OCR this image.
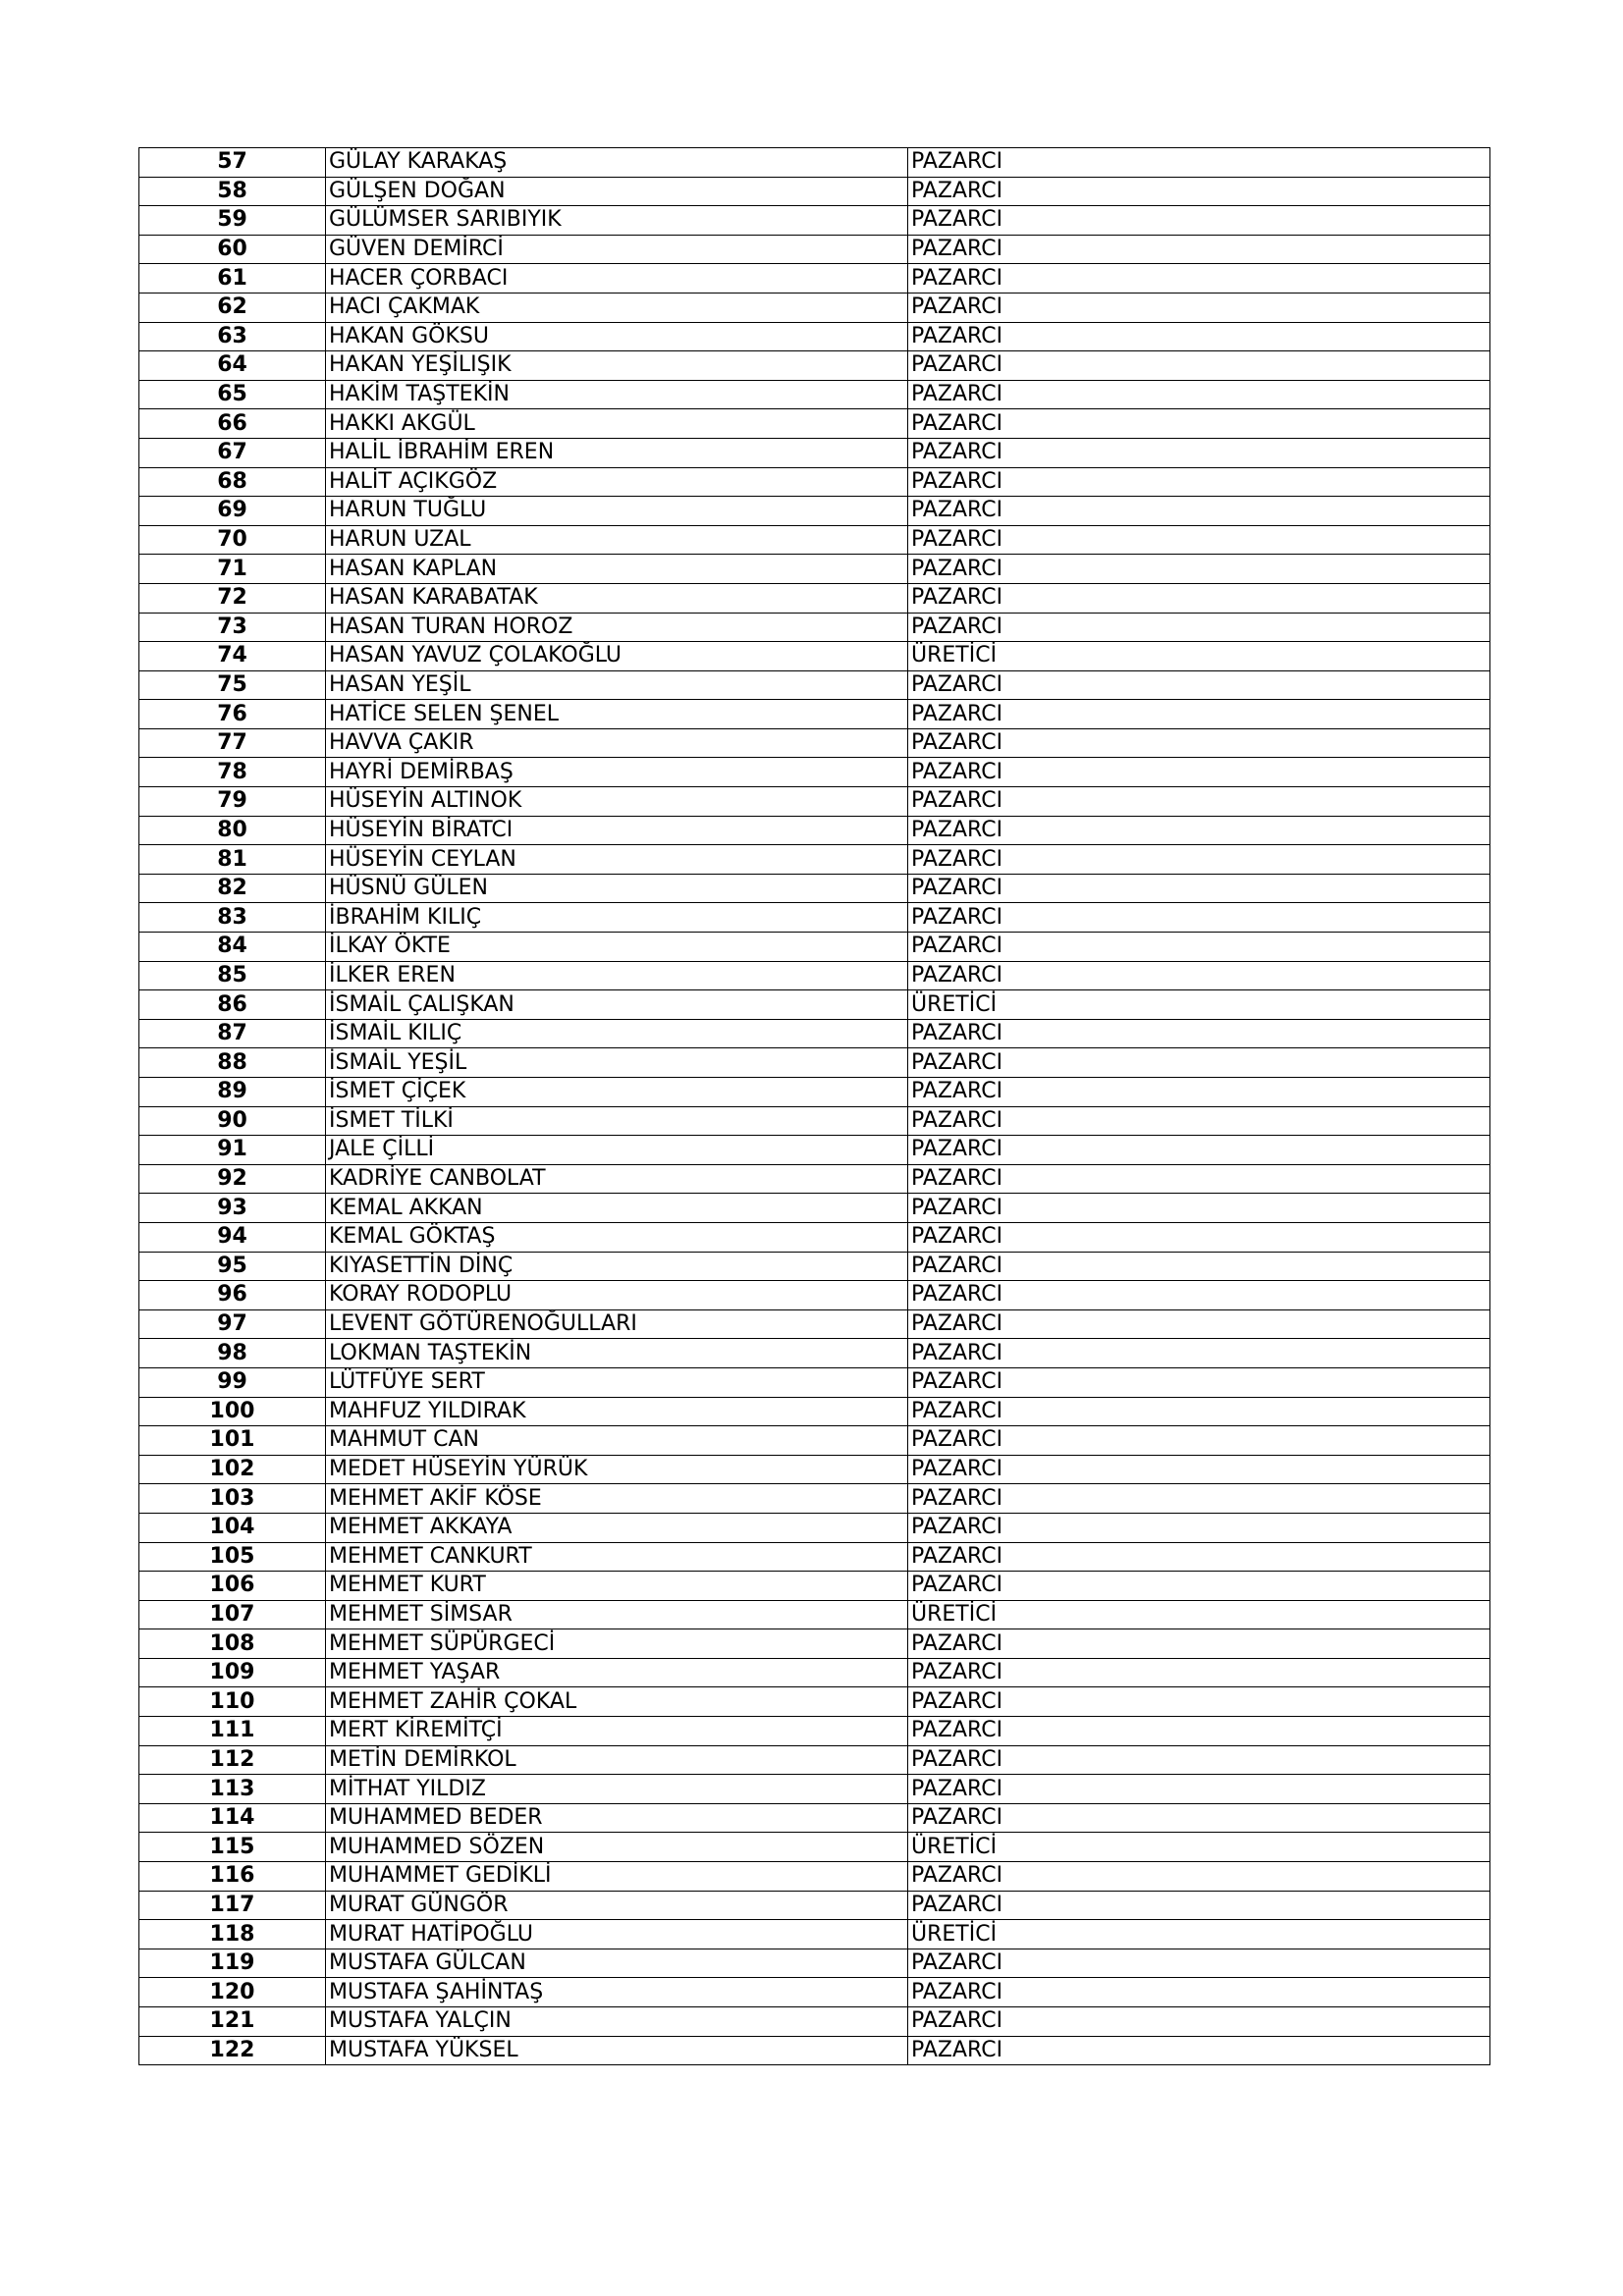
57	GÜLAY KARAKAŞ	PAZARCI
58	GÜLŞEN DOĞAN	PAZARCI
59	GÜLÜMSER SARIBIYIK	PAZARCI
60	GÜVEN DEMİRCİ	PAZARCI
61	HACER ÇORBACI	PAZARCI
62	HACI ÇAKMAK	PAZARCI
63	HAKAN GÖKSU	PAZARCI
64	HAKAN YEŞİLIŞIK	PAZARCI
65	HAKİM TAŞTEKİN	PAZARCI
66	HAKKI AKGÜL	PAZARCI
67	HALİL İBRAHİM EREN	PAZARCI
68	HALİT AÇIKGÖZ	PAZARCI
69	HARUN TUĞLU	PAZARCI
70	HARUN UZAL	PAZARCI
71	HASAN KAPLAN	PAZARCI
72	HASAN KARABATAK	PAZARCI
73	HASAN TURAN HOROZ	PAZARCI
74	HASAN YAVUZ ÇOLAKOĞLU	ÜRETİCİ
75	HASAN YEŞİL	PAZARCI
76	HATİCE SELEN ŞENEL	PAZARCI
77	HAVVA ÇAKIR	PAZARCI
78	HAYRİ DEMİRBAŞ	PAZARCI
79	HÜSEYİN ALTINOK	PAZARCI
80	HÜSEYİN BİRATCI	PAZARCI
81	HÜSEYİN CEYLAN	PAZARCI
82	HÜSNÜ GÜLEN	PAZARCI
83	İBRAHİM KILIÇ	PAZARCI
84	İLKAY ÖKTE	PAZARCI
85	İLKER EREN	PAZARCI
86	İSMAİL ÇALIŞKAN	ÜRETİCİ
87	İSMAİL KILIÇ	PAZARCI
88	İSMAİL YEŞİL	PAZARCI
89	İSMET ÇİÇEK	PAZARCI
90	İSMET TİLKİ	PAZARCI
91	JALE ÇİLLİ	PAZARCI
92	KADRİYE CANBOLAT	PAZARCI
93	KEMAL AKKAN	PAZARCI
94	KEMAL GÖKTAŞ	PAZARCI
95	KIYASETTİN DİNÇ	PAZARCI
96	KORAY RODOPLU	PAZARCI
97	LEVENT GÖTÜRENOĞULLARI	PAZARCI
98	LOKMAN TAŞTEKİN	PAZARCI
99	LÜTFÜYE SERT	PAZARCI
100	MAHFUZ YILDIRAK	PAZARCI
101	MAHMUT CAN	PAZARCI
102	MEDET HÜSEYİN YÜRÜK	PAZARCI
103	MEHMET AKİF KÖSE	PAZARCI
104	MEHMET AKKAYA	PAZARCI
105	MEHMET CANKURT	PAZARCI
106	MEHMET KURT	PAZARCI
107	MEHMET SİMSAR	ÜRETİCİ
108	MEHMET SÜPÜRGECİ	PAZARCI
109	MEHMET YAŞAR	PAZARCI
110	MEHMET ZAHİR ÇOKAL	PAZARCI
111	MERT KİREMİTÇİ	PAZARCI
112	METİN DEMİRKOL	PAZARCI
113	MİTHAT YILDIZ	PAZARCI
114	MUHAMMED BEDER	PAZARCI
115	MUHAMMED SÖZEN	ÜRETİCİ
116	MUHAMMET GEDİKLİ	PAZARCI
117	MURAT GÜNGÖR	PAZARCI
118	MURAT HATİPOĞLU	ÜRETİCİ
119	MUSTAFA GÜLCAN	PAZARCI
120	MUSTAFA ŞAHİNTAŞ	PAZARCI
121	MUSTAFA YALÇIN	PAZARCI
122	MUSTAFA YÜKSEL	PAZARCI
